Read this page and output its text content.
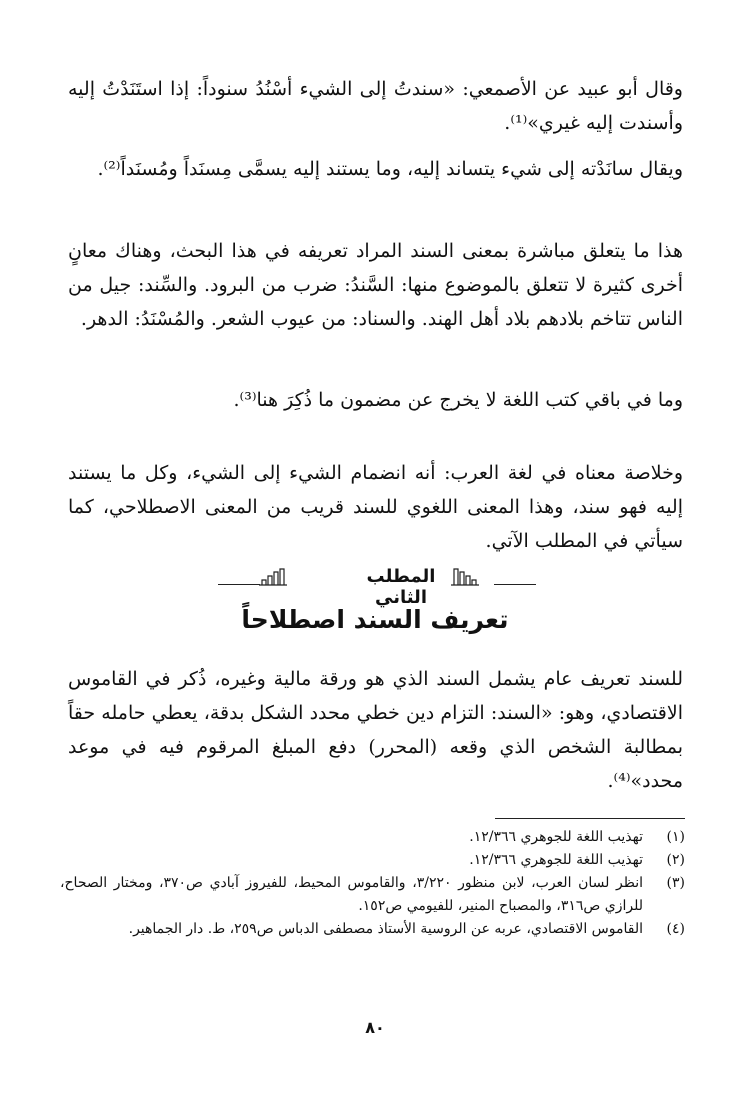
وقال أبو عبيد عن الأصمعي: «سندتُ إلى الشيء أسْنُدُ سنوداً: إذا استَنَدْتُ إليه وأسندت إليه غيري»⁽¹⁾.

ويقال سانَدْته إلى شيء يتساند إليه، وما يستند إليه يسمَّى مِسنَداً ومُسنَداً⁽²⁾.

هذا ما يتعلق مباشرة بمعنى السند المراد تعريفه في هذا البحث، وهناك معانٍ أخرى كثيرة لا تتعلق بالموضوع منها: السَّندُ: ضرب من البرود. والسِّند: جيل من الناس تتاخم بلادهم بلاد أهل الهند. والسناد: من عيوب الشعر. والمُسْنَدُ: الدهر.

وما في باقي كتب اللغة لا يخرج عن مضمون ما ذُكِرَ هنا⁽³⁾.

وخلاصة معناه في لغة العرب: أنه انضمام الشيء إلى الشيء، وكل ما يستند إليه فهو سند، وهذا المعنى اللغوي للسند قريب من المعنى الاصطلاحي، كما سيأتي في المطلب الآتي.

المطلب الثاني
تعريف السند اصطلاحاً

للسند تعريف عام يشمل السند الذي هو ورقة مالية وغيره، ذُكر في القاموس الاقتصادي، وهو: «السند: التزام دين خطي محدد الشكل بدقة، يعطي حامله حقاً بمطالبة الشخص الذي وقعه (المحرر) دفع المبلغ المرقوم فيه في موعد محدد»⁽⁴⁾.

(١)
تهذيب اللغة للجوهري ١٢/٣٦٦.
(٢)
تهذيب اللغة للجوهري ١٢/٣٦٦.
(٣)
انظر لسان العرب، لابن منظور ٣/٢٢٠، والقاموس المحيط، للفيروز آبادي ص٣٧٠، ومختار الصحاح، للرازي ص٣١٦، والمصباح المنير، للفيومي ص١٥٢.
(٤)
القاموس الاقتصادي، عربه عن الروسية الأستاذ مصطفى الدباس ص٢٥٩، ط. دار الجماهير.
٨٠
